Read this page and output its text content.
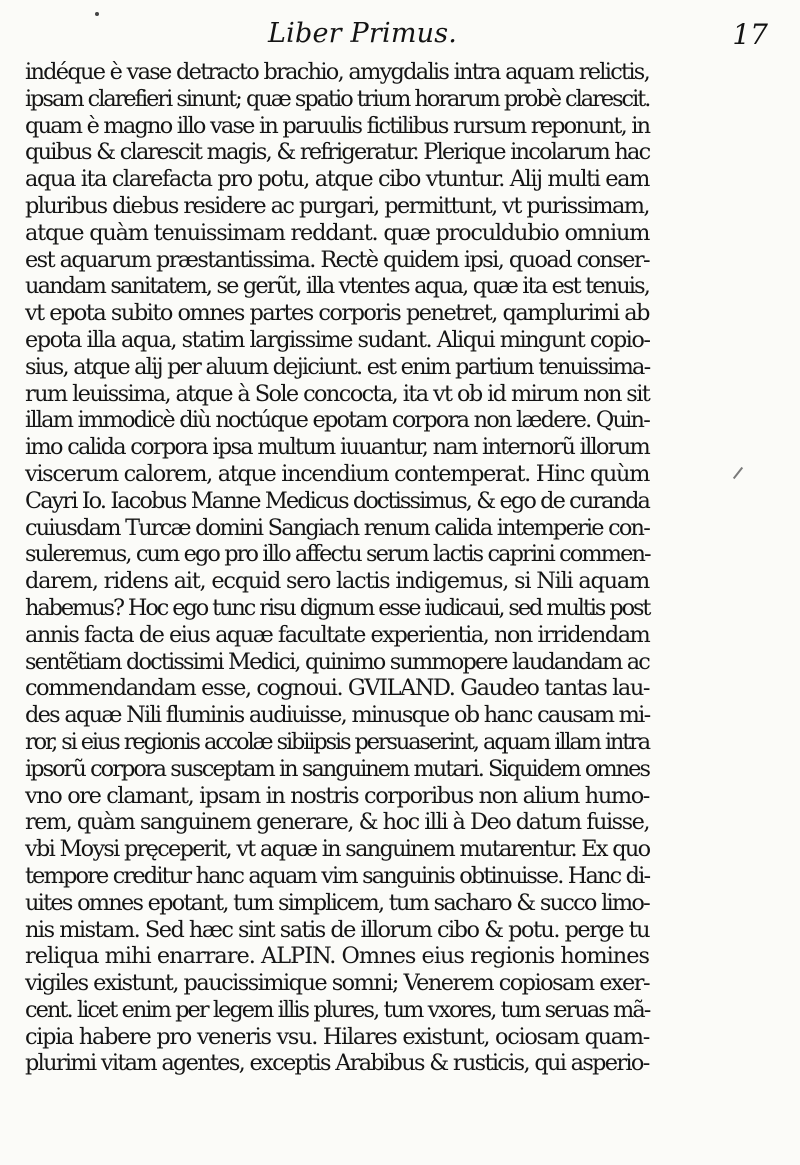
Liber Primus.	17
indéque è vase detracto brachio, amygdalis intra aquam relictis,
ipsam clarefieri sinunt; quæ spatio trium horarum probè clarescit.
quam è magno illo vase in paruulis fictilibus rursum reponunt, in
quibus & clarescit magis, & refrigeratur. Plerique incolarum hac
aqua ita clarefacta pro potu, atque cibo vtuntur. Alij multi eam
pluribus diebus residere ac purgari, permittunt, vt purissimam,
atque quàm tenuissimam reddant. quæ proculdubio omnium
est aquarum præstantissima. Rectè quidem ipsi, quoad conser-
uandam sanitatem, se gerũt, illa vtentes aqua, quæ ita est tenuis,
vt epota subito omnes partes corporis penetret, qamplurimi ab
epota illa aqua, statim largissime sudant. Aliqui mingunt copio-
sius, atque alij per aluum dejiciunt. est enim partium tenuissima-
rum leuissima, atque à Sole concocta, ita vt ob id mirum non sit
illam immodicè diù noctúque epotam corpora non lædere. Quin-
imo calida corpora ipsa multum iuuantur, nam internorũ illorum
viscerum calorem, atque incendium contemperat. Hinc quùm
Cayri Io. Iacobus Manne Medicus doctissimus, & ego de curanda
cuiusdam Turcæ domini Sangiach renum calida intemperie con-
suleremus, cum ego pro illo affectu serum lactis caprini commen-
darem, ridens ait, ecquid sero lactis indigemus, si Nili aquam
habemus? Hoc ego tunc risu dignum esse iudicaui, sed multis post
annis facta de eius aquæ facultate experientia, non irridendam
sentẽtiam doctissimi Medici, quinimo summopere laudandam ac
commendandam esse, cognoui. GVILAND. Gaudeo tantas lau-
des aquæ Nili fluminis audiuisse, minusque ob hanc causam mi-
ror, si eius regionis accolæ sibiipsis persuaserint, aquam illam intra
ipsorũ corpora susceptam in sanguinem mutari. Siquidem omnes
vno ore clamant, ipsam in nostris corporibus non alium humo-
rem, quàm sanguinem generare, & hoc illi à Deo datum fuisse,
vbi Moysi pręceperit, vt aquæ in sanguinem mutarentur. Ex quo
tempore creditur hanc aquam vim sanguinis obtinuisse. Hanc di-
uites omnes epotant, tum simplicem, tum sacharo & succo limo-
nis mistam. Sed hæc sint satis de illorum cibo & potu. perge tu
reliqua mihi enarrare. ALPIN. Omnes eius regionis homines
vigiles existunt, paucissimique somni; Venerem copiosam exer-
cent. licet enim per legem illis plures, tum vxores, tum seruas mã-
cipia habere pro veneris vsu. Hilares existunt, ociosam quam-
plurimi vitam agentes, exceptis Arabibus & rusticis, qui asperio-
